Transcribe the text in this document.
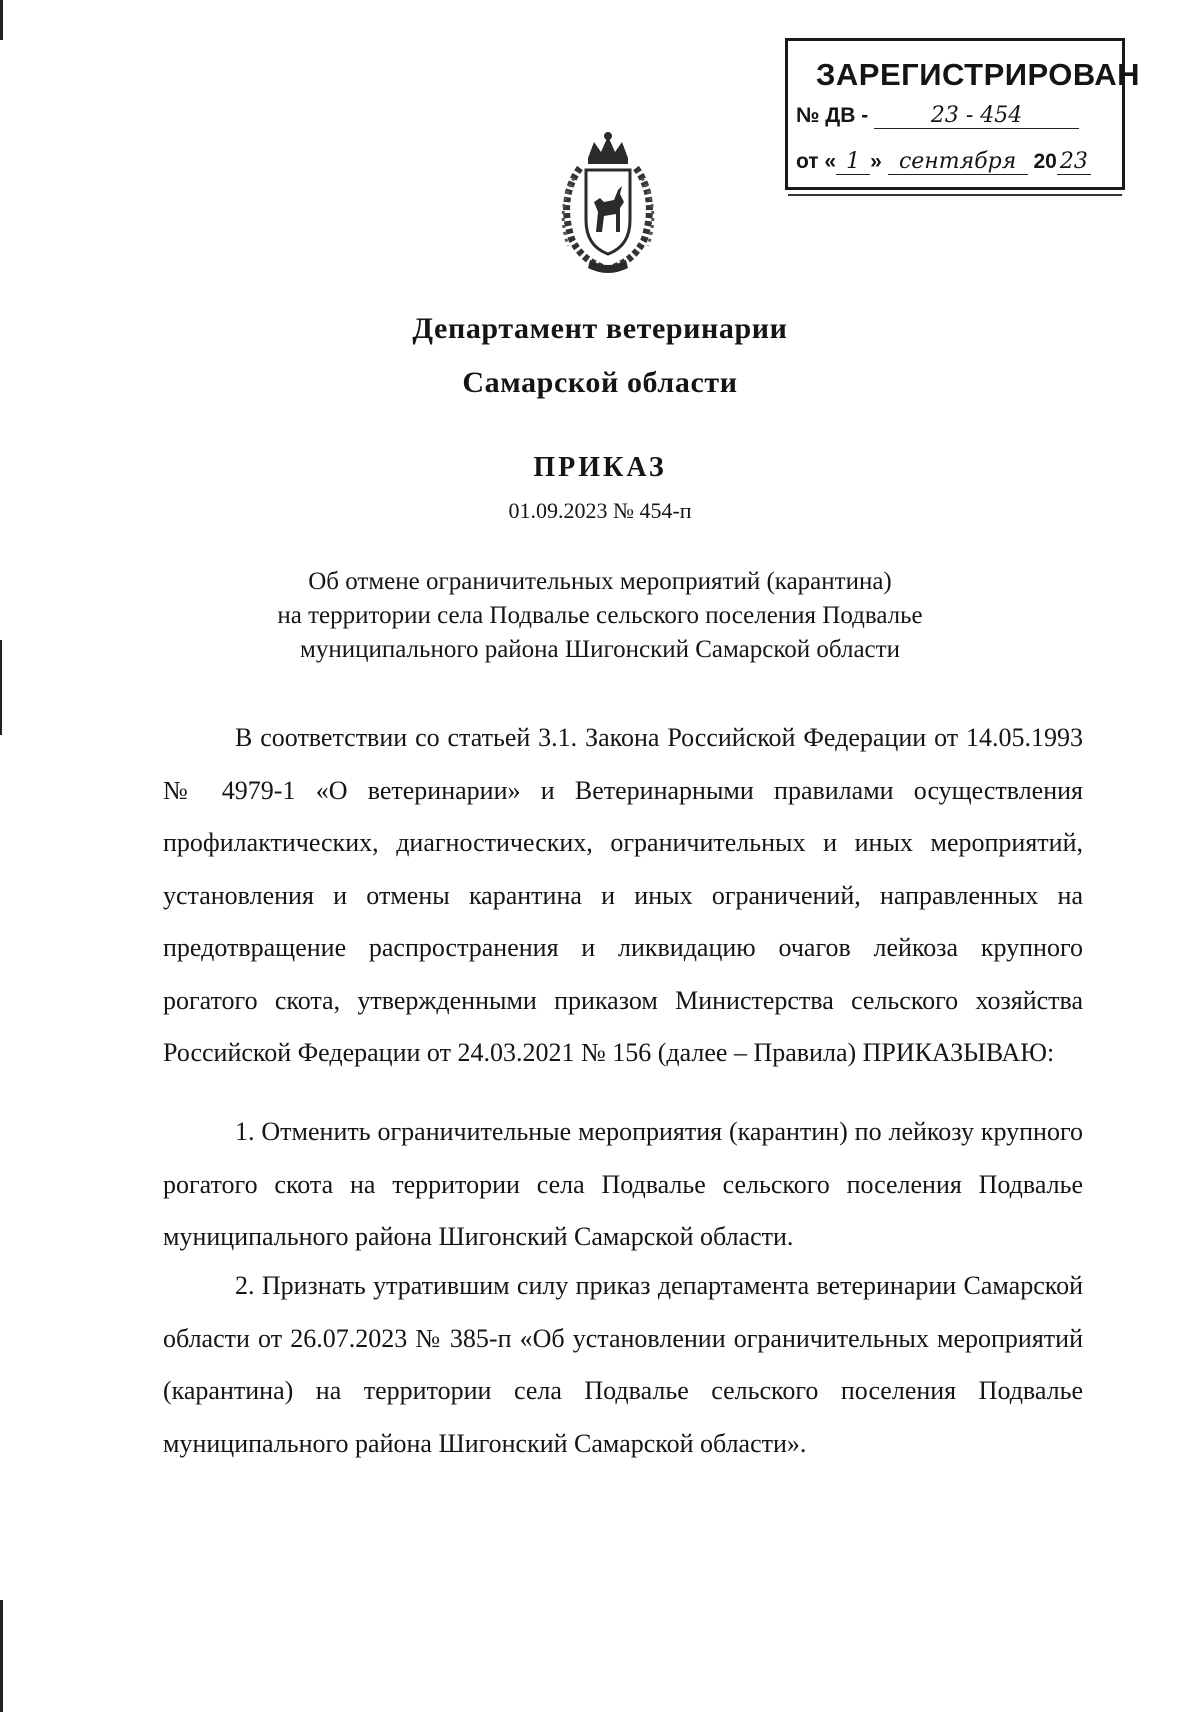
ЗАРЕГИСТРИРОВАН
№ ДВ -	23 - 454
от « 1 » сентября 20 23
Департамент ветеринарии
Самарской области
ПРИКАЗ
01.09.2023 № 454-п
Об отмене ограничительных мероприятий (карантина)
на территории села Подвалье сельского поселения Подвалье
муниципального района Шигонский Самарской области
В соответствии со статьей 3.1. Закона Российской Федерации от 14.05.1993 № 4979-1 «О ветеринарии» и Ветеринарными правилами осуществления профилактических, диагностических, ограничительных и иных мероприятий, установления и отмены карантина и иных ограничений, направленных на предотвращение распространения и ликвидацию очагов лейкоза крупного рогатого скота, утвержденными приказом Министерства сельского хозяйства Российской Федерации от 24.03.2021 № 156 (далее – Правила) ПРИКАЗЫВАЮ:
1. Отменить ограничительные мероприятия (карантин) по лейкозу крупного рогатого скота на территории села Подвалье сельского поселения Подвалье муниципального района Шигонский Самарской области.
2. Признать утратившим силу приказ департамента ветеринарии Самарской области от 26.07.2023 № 385-п «Об установлении ограничительных мероприятий (карантина) на территории села Подвалье сельского поселения Подвалье муниципального района Шигонский Самарской области».
